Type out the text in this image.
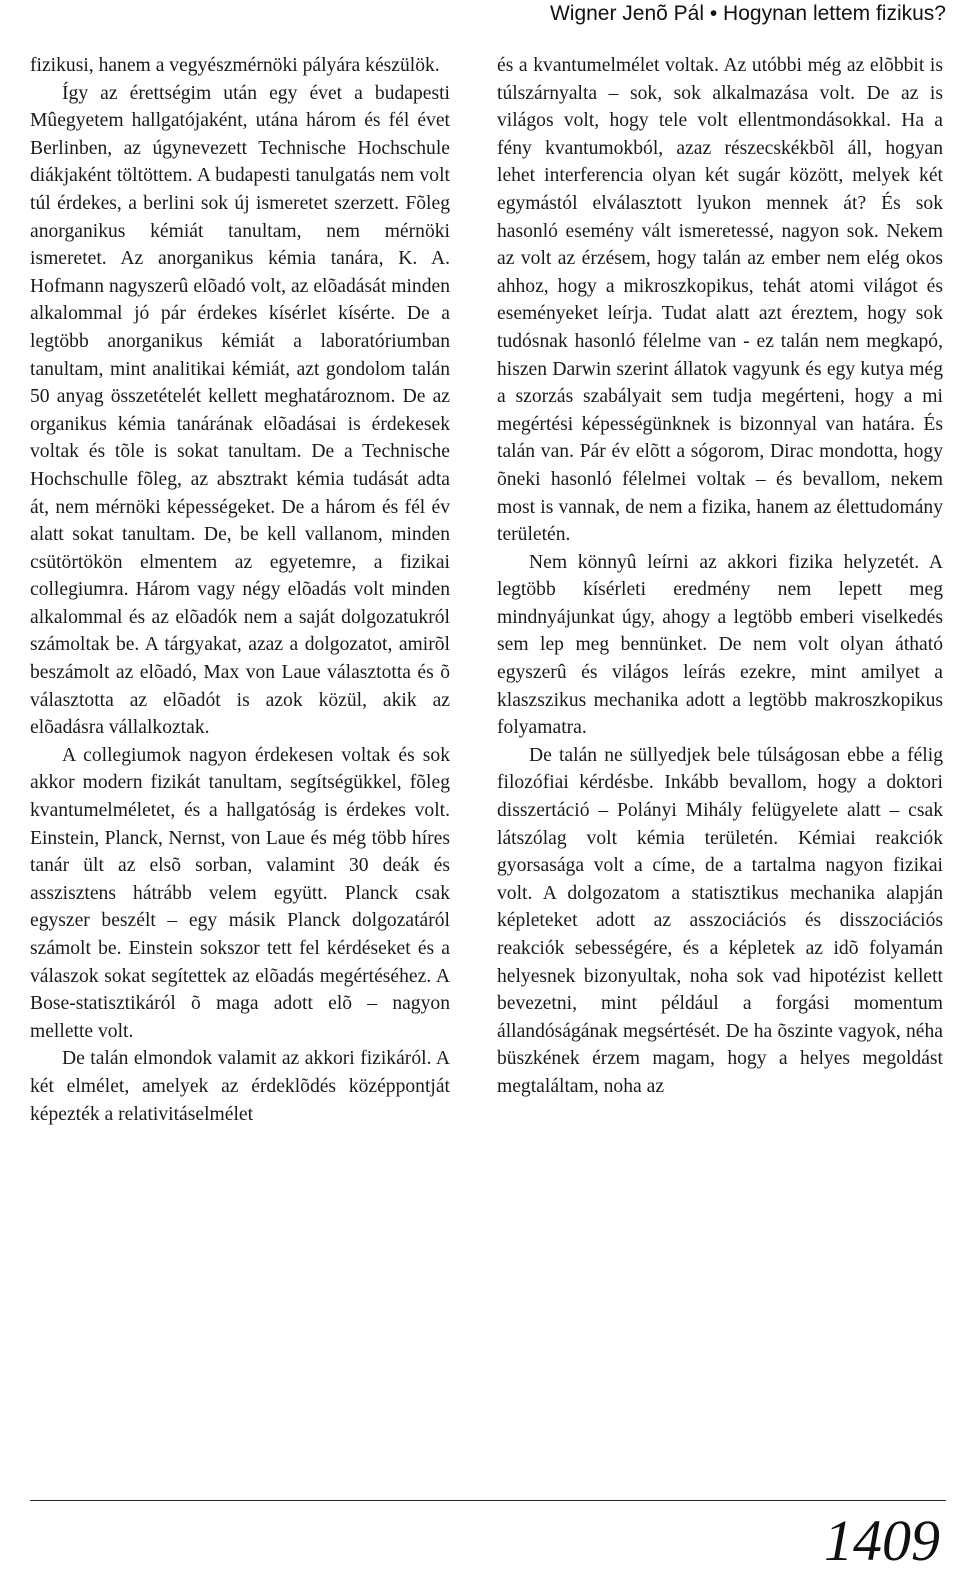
Wigner Jenõ Pál • Hogynan lettem fizikus?

fizikusi, hanem a vegyészmérnöki pályára készülök.

Így az érettségim után egy évet a budapesti Mûegyetem hallgatójaként, utána három és fél évet Berlinben, az úgynevezett Technische Hochschule diákjaként töltöttem. A budapesti tanulgatás nem volt túl érdekes, a berlini sok új ismeretet szerzett. Fõleg anorganikus kémiát tanultam, nem mérnöki ismeretet. Az anorganikus kémia tanára, K. A. Hofmann nagyszerû elõadó volt, az elõadását minden alkalommal jó pár érdekes kísérlet kísérte. De a legtöbb anorganikus kémiát a laboratóriumban tanultam, mint analitikai kémiát, azt gondolom talán 50 anyag összetételét kellett meghatároznom. De az organikus kémia tanárának elõadásai is érdekesek voltak és tõle is sokat tanultam. De a Technische Hochschulle fõleg, az absztrakt kémia tudását adta át, nem mérnöki képességeket. De a három és fél év alatt sokat tanultam. De, be kell vallanom, minden csütörtökön elmentem az egyetemre, a fizikai collegiumra. Három vagy négy elõadás volt minden alkalommal és az elõadók nem a saját dolgozatukról számoltak be. A tárgyakat, azaz a dolgozatot, amirõl beszámolt az elõadó, Max von Laue választotta és õ választotta az elõadót is azok közül, akik az elõadásra vállalkoztak.

A collegiumok nagyon érdekesen voltak és sok akkor modern fizikát tanultam, segítségükkel, fõleg kvantumelméletet, és a hallgatóság is érdekes volt. Einstein, Planck, Nernst, von Laue és még több híres tanár ült az elsõ sorban, valamint 30 deák és asszisztens hátrább velem együtt. Planck csak egyszer beszélt – egy másik Planck dolgozatáról számolt be. Einstein sokszor tett fel kérdéseket és a válaszok sokat segítettek az elõadás megértéséhez. A Bose-statisztikáról õ maga adott elõ – nagyon mellette volt.

De talán elmondok valamit az akkori fizikáról. A két elmélet, amelyek az érdeklõdés középpontját képezték a relativitáselmélet

és a kvantumelmélet voltak. Az utóbbi még az elõbbit is túlszárnyalta – sok, sok alkalmazása volt. De az is világos volt, hogy tele volt ellentmondásokkal. Ha a fény kvantumokból, azaz részecskékbõl áll, hogyan lehet interferencia olyan két sugár között, melyek két egymástól elválasztott lyukon mennek át? És sok hasonló esemény vált ismeretessé, nagyon sok. Nekem az volt az érzésem, hogy talán az ember nem elég okos ahhoz, hogy a mikroszkopikus, tehát atomi világot és eseményeket leírja. Tudat alatt azt éreztem, hogy sok tudósnak hasonló félelme van - ez talán nem megkapó, hiszen Darwin szerint állatok vagyunk és egy kutya még a szorzás szabályait sem tudja megérteni, hogy a mi megértési képességünknek is bizonnyal van határa. És talán van. Pár év elõtt a sógorom, Dirac mondotta, hogy õneki hasonló félelmei voltak – és bevallom, nekem most is vannak, de nem a fizika, hanem az élettudomány területén.

Nem könnyû leírni az akkori fizika helyzetét. A legtöbb kísérleti eredmény nem lepett meg mindnyájunkat úgy, ahogy a legtöbb emberi viselkedés sem lep meg bennünket. De nem volt olyan átható egyszerû és világos leírás ezekre, mint amilyet a klaszszikus mechanika adott a legtöbb makroszkopikus folyamatra.

De talán ne süllyedjek bele túlságosan ebbe a félig filozófiai kérdésbe. Inkább bevallom, hogy a doktori disszertáció – Polányi Mihály felügyelete alatt – csak látszólag volt kémia területén. Kémiai reakciók gyorsasága volt a címe, de a tartalma nagyon fizikai volt. A dolgozatom a statisztikus mechanika alapján képleteket adott az asszociációs és disszociációs reakciók sebességére, és a képletek az idõ folyamán helyesnek bizonyultak, noha sok vad hipotézist kellett bevezetni, mint például a forgási momentum állandóságának megsértését. De ha õszinte vagyok, néha büszkének érzem magam, hogy a helyes megoldást megtaláltam, noha az

1409
